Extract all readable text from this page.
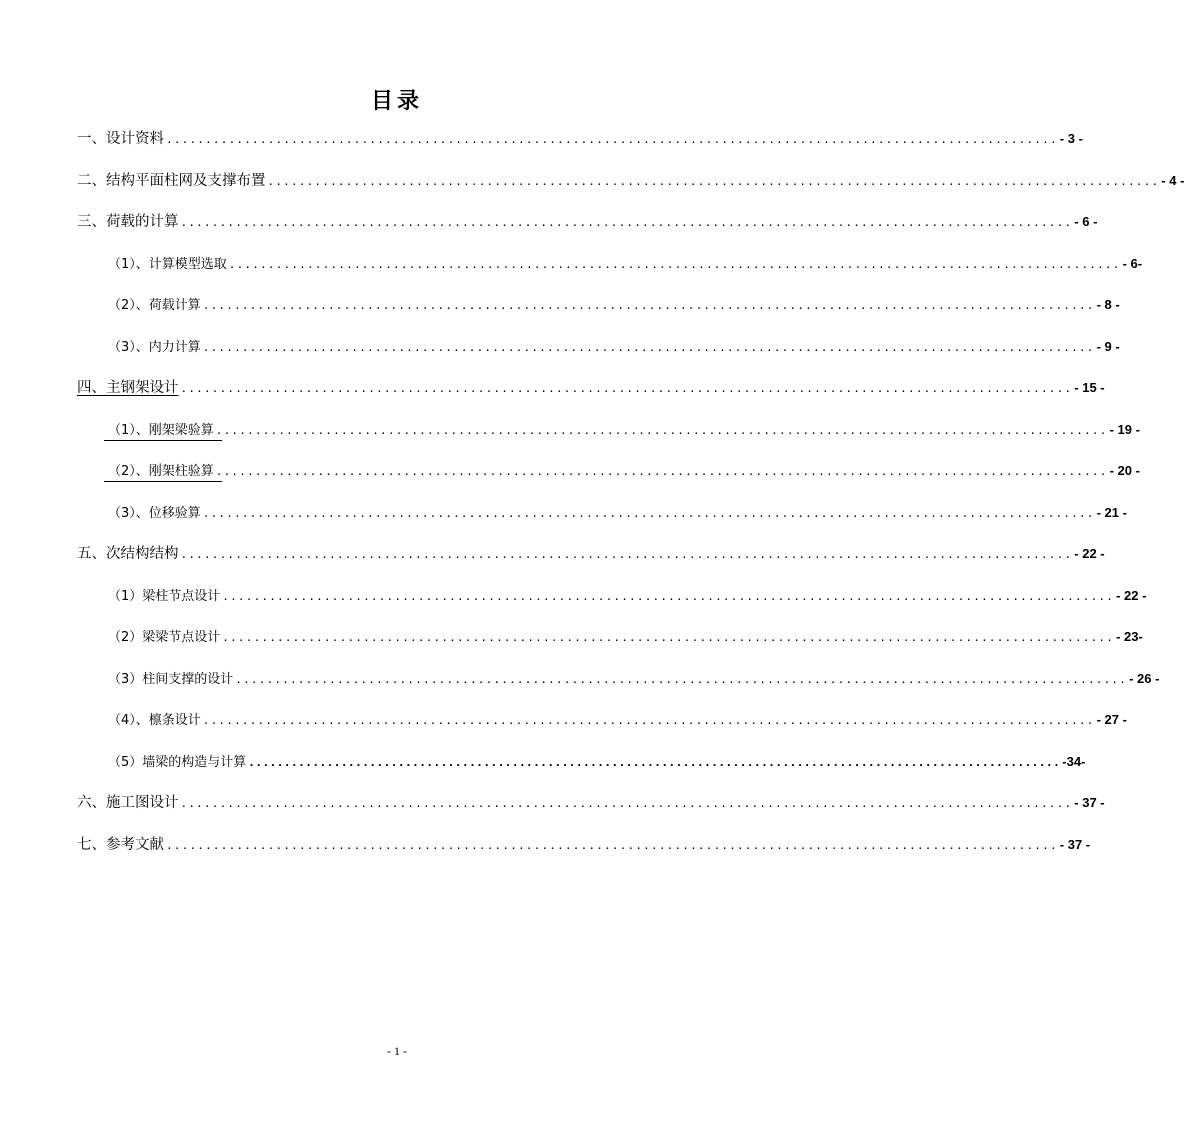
目录
一、设计资料 .................................................................................................................. - 3 -
二、结构平面柱网及支撑布置 .................................................................................................................. - 4 -
三、荷载的计算 .................................................................................................................. - 6 -
（1）、计算模型选取 .................................................................................................................. - 6-
（2）、荷载计算 .................................................................................................................. - 8 -
（3）、内力计算 .................................................................................................................. - 9 -
四、主钢架设计 .................................................................................................................. - 15 -
（1）、刚架梁验算 .................................................................................................................. - 19 -
（2）、刚架柱验算 .................................................................................................................. - 20 -
（3）、位移验算 .................................................................................................................. - 21 -
五、次结构结构 .................................................................................................................. - 22 -
（1）梁柱节点设计 .................................................................................................................. - 22 -
（2）梁梁节点设计 .................................................................................................................. - 23-
（3）柱间支撑的设计 .................................................................................................................. - 26 -
（4）、檩条设计 .................................................................................................................. - 27 -
（5）墙梁的构造与计算 .................................................................................................................. -34-
六、施工图设计 .................................................................................................................. - 37 -
七、参考文献 .................................................................................................................. - 37 -
- 1 -
